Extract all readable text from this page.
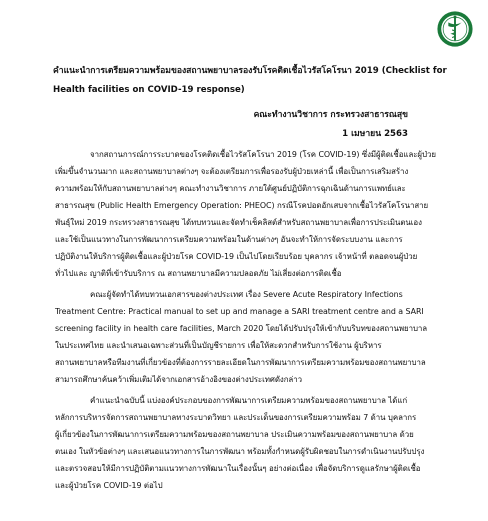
คำแนะนำการเตรียมความพร้อมของสถานพยาบาลรองรับโรคติดเชื้อไวรัสโคโรนา 2019 (Checklist for Health facilities on COVID-19 response)
คณะทำงานวิชาการ กระทรวงสาธารณสุข
1 เมษายน 2563
จากสถานการณ์การระบาดของโรคติดเชื้อไวรัสโคโรนา 2019 (โรค COVID-19) ซึ่งมีผู้ติดเชื้อและผู้ป่วย
เพิ่มขึ้นจำนวนมาก และสถานพยาบาลต่างๆ จะต้องเตรียมการเพื่อรองรับผู้ป่วยเหล่านี้ เพื่อเป็นการเสริมสร้าง
ความพร้อมให้กับสถานพยาบาลต่างๆ คณะทำงานวิชาการ ภายใต้ศูนย์ปฏิบัติการฉุกเฉินด้านการแพทย์และ
สาธารณสุข (Public Health Emergency Operation: PHEOC) กรณีโรคปอดอักเสบจากเชื้อไวรัสโคโรนาสาย
พันธุ์ใหม่ 2019 กระทรวงสาธารณสุข ได้ทบทวนและจัดทำเช็คลิสต์สำหรับสถานพยาบาลเพื่อการประเมินตนเอง
และใช้เป็นแนวทางในการพัฒนาการเตรียมความพร้อมในด้านต่างๆ อันจะทำให้การจัดระบบงาน และการ
ปฏิบัติงานให้บริการผู้ติดเชื้อและผู้ป่วยโรค COVID-19 เป็นไปโดยเรียบร้อย บุคลากร เจ้าหน้าที่ ตลอดจนผู้ป่วย
ทั่วไปและ ญาติที่เข้ารับบริการ ณ สถานพยาบาลมีความปลอดภัย ไม่เสี่ยงต่อการติดเชื้อ
คณะผู้จัดทำได้ทบทวนเอกสารของต่างประเทศ เรื่อง Severe Acute Respiratory Infections
Treatment Centre: Practical manual to set up and manage a SARI treatment centre and a SARI
screening facility in health care facilities, March 2020 โดยได้ปรับปรุงให้เข้ากับบริบทของสถานพยาบาล
ในประเทศไทย และนำเสนอเฉพาะส่วนที่เป็นบัญชีรายการ เพื่อให้สะดวกสำหรับการใช้งาน ผู้บริหาร
สถานพยาบาลหรือทีมงานที่เกี่ยวข้องที่ต้องการรายละเอียดในการพัฒนาการเตรียมความพร้อมของสถานพยาบาล
สามารถศึกษาค้นคว้าเพิ่มเติมได้จากเอกสารอ้างอิงของต่างประเทศดังกล่าว
คำแนะนำฉบับนี้ แบ่งองค์ประกอบของการพัฒนาการเตรียมความพร้อมของสถานพยาบาล ได้แก่
หลักการบริหารจัดการสถานพยาบาลทางระบาดวิทยา และประเด็นของการเตรียมความพร้อม 7 ด้าน บุคลากร
ผู้เกี่ยวข้องในการพัฒนาการเตรียมความพร้อมของสถานพยาบาล ประเมินความพร้อมของสถานพยาบาล ด้วย
ตนเอง ในหัวข้อต่างๆ และเสนอแนวทางการในการพัฒนา พร้อมทั้งกำหนดผู้รับผิดชอบในการดำเนินงานปรับปรุง
และตรวจสอบให้มีการปฏิบัติตามแนวทางการพัฒนาในเรื่องนั้นๆ อย่างต่อเนื่อง เพื่อจัดบริการดูแลรักษาผู้ติดเชื้อ
และผู้ป่วยโรค COVID-19 ต่อไป
